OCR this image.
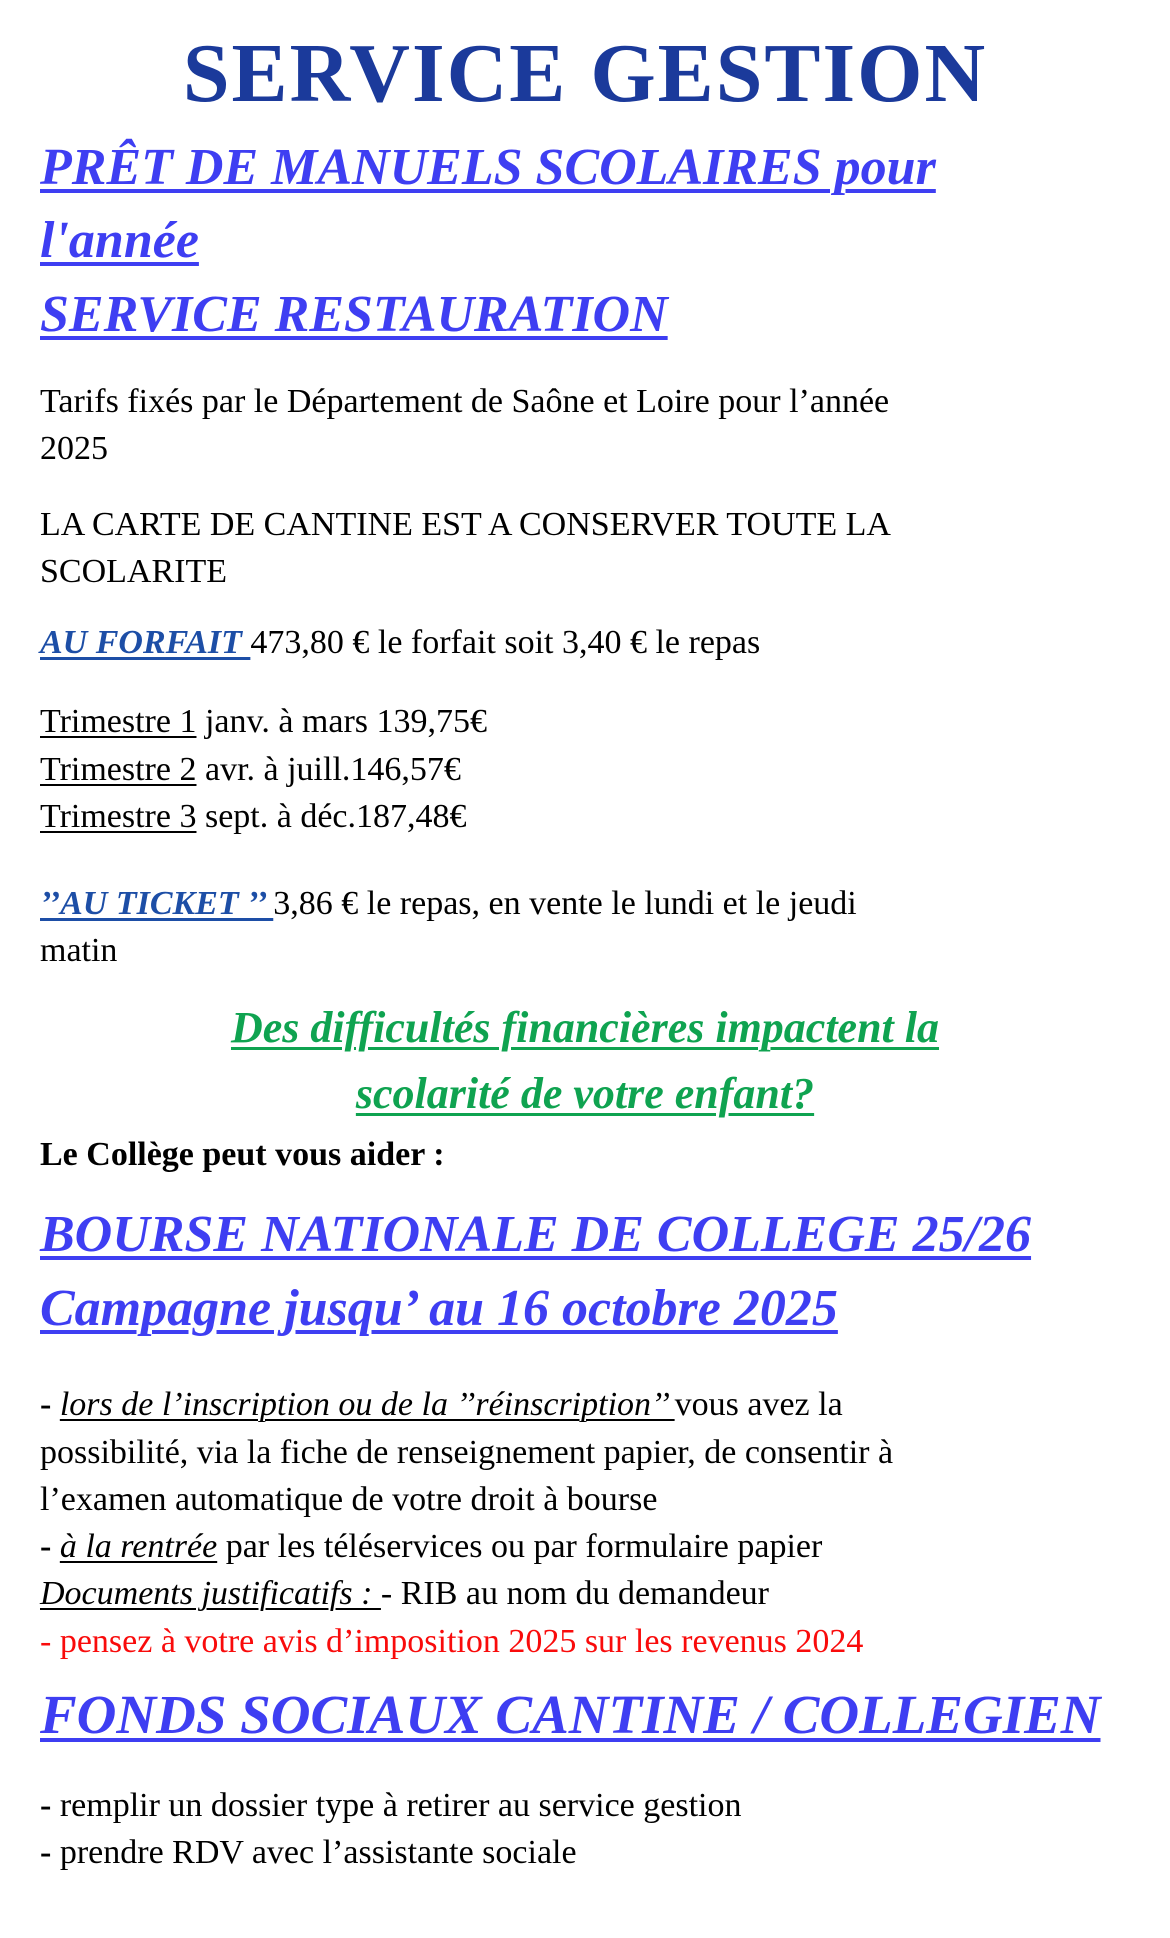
SERVICE GESTION
PRÊT DE MANUELS SCOLAIRES pour
l'année
SERVICE RESTAURATION

Tarifs fixés par le Département de Saône et Loire pour l’année
2025

LA CARTE DE CANTINE EST A CONSERVER TOUTE LA
SCOLARITE

AU FORFAIT 473,80 € le forfait soit 3,40 € le repas

Trimestre 1 janv. à mars 139,75€
Trimestre 2 avr. à juill.146,57€
Trimestre 3 sept. à déc.187,48€

’’AU TICKET ’’ 3,86 € le repas, en vente le lundi et le jeudi
matin

Des difficultés financières impactent la
scolarité de votre enfant?

Le Collège peut vous aider :

BOURSE NATIONALE DE COLLEGE 25/26
Campagne jusqu’ au 16 octobre 2025

- lors de l’inscription ou de la ’’réinscription’’ vous avez la
possibilité, via la fiche de renseignement papier, de consentir à
l’examen automatique de votre droit à bourse
- à la rentrée par les téléservices ou par formulaire papier
Documents justificatifs : - RIB au nom du demandeur
- pensez à votre avis d’imposition 2025 sur les revenus 2024

FONDS SOCIAUX CANTINE / COLLEGIEN

- remplir un dossier type à retirer au service gestion
- prendre RDV avec l’assistante sociale
